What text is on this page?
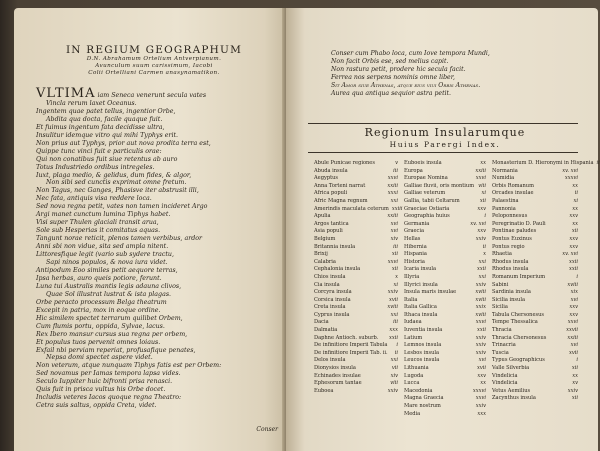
IN REGIUM GEOGRAPHUM
D.N. Abrahamum Ortelium Antverpianum.
Avunculum suum carissimum, Iacobi
Colii Ortelliani Carmen anasynamatikon.
VLTIMA iam Seneca venerunt secula vates
Vincla rerum laxet Oceanus.
Ingentem quae patet tellus, ingentior Orbe,
Abdita qua docta, facile quaque fuit.
Et fuimus ingentum fata decidisse ultra,
Insulitur idemque vitro qui mihi Typhys erit.
Non prius aut Typhys, prior aut nova prodita terra est,
Quippe tunc vinci fuit e particulis orae:
Qui non conatibus fuit siue retentus ab auro
Totus Industriedo ordibus intregeles.
Iuxt, plaga medio, & gelidus, dum fides, & algor,
Non sibi sed cunctis exprimat omne fretum.
Non Tagus, nec Ganges, Phasisve iter abstrusit illi,
Nec fata, antiquis visa reddere loca.
Sed nova regna petit, vates non tamen incideret Argo
Argi manet cunctum lumina Tiphys habet.
Visi super Thulen glaciali transit arua,
Sole sub Hesperias it comitatus aquas.
Tangunt norae reticit, plenos tamen verbibus, ardor
Anni sbi non vidue, sita sed ampla nitent.
Littoresfique legit (vario sub sydere tractu,
Sapi ninos populos, & nova iura videt.
Antipodum Eoo similes petit aequore terras,
Ipsa herbas, auro queis potiore, ferunt.
Luna tui Australis mantis legis adauna clivos,
Quae Sol illustrat lustrat & ista plagas.
Orbe peracto processum Belga theatrum
Excepit in patria, mox in eoque ordine.
Hic similem spectet terrarum quilibet Orbem,
Cum flumis portu, oppida, Sylvae, lacus.
Rex Ibero mansur cursus sua regna per orbem,
Et populus tuos pervenit omnes loiaus.
Exfail nbi perviam reperiat, profusafique penates,
Nepsa domi spectet aspere videt.
Non veterum, atque nunquam Tiphys fatis est per Orbem:
Sed novamus per Iamas tempora lapsa vides.
Seculo Iuppiter huic bifronti prisa renasci.
Quis fuit in prisca vultus his Orbe docet.
Includis veteres Iacos quoque regna Theatro:
Cetra suis saltus, oppida Creta, videt.
Conser
Conser cum Phabo loca, cum Iove tempora Mundi,
Non facit Orbis ese, sed melius capit.
Non rastura petit, prodere hic secula facit.
Ferrea nos serpens nominis omne liber,
Sit Amor siue Athenas, atque eius viui Orbis Athenas.
Aurea qua antiqua sequior astra petit.
Regionum Insularumque
Huius Parergi Index.
Abule Punicae regiones	v
Abuda insula	iii
Aegyptus	xxvi
Anna Torteni narrat	xxiii
Africa populi	xxxi
Afric Magna regnum	xxi
Amerindis maculata ceterum xxiii
Apulia	xxiii
Argos tantica	xvi
Asia populi	xvi
Belgium	xiv
Britannia insula	iii
Brixij	xii
Calabria	xxvi
Cephalonia insula	xii
Chios insula	x
Cia insula	xi
Corcyra insula	xxiv
Corsica insula	xvii
Creta insula	xviii
Cyprus insula	xxi
Dacia	iii
Dalmatia	xxx
Daphne Antioch. suburb. xxii
De infinitiore Imperii Tabula i
De infinitiore Imperii Tab. ii. ii
Delos insula	xxi
Dionysios insula	vii
Echinades insulae	xiv
Ephesorum tantae	viii
Euboea	xxiv
Euboeis insula	xx
Europa	xxiii
Europae Nomina	xxvi
Galliae fluvii, oris montium viii
Galliae veterum	xi
Gallia, tabii Celtarum	xii
Graeciae Ostiaria	xxv
Geographia huius	i
Germania	xv. xvi
Graecia	xxv
Hellas	xxiv
Hibernia	ii
Hispania	x
Historia	xxi
Icaria insula	xxii
Illyria	xxi
Illyrici insula	xxiv
Insula maris insulae	xviii
Italia	xviii
Italia Gallica	xxix
Ithaca insula	xviii
Iudaea	xxvi
Iuventia insula	xxii
Latium	xxiv
Lemnos insula	xxiv
Lesbos insula	xxiv
Leucos insula	xvi
Lithuania	xvii
Lugoda	xxv
Lucca	xx
Macedonia	xxxvi
Magna Graecia	xxvi
Mare nostrum	xxiv
Media	xxx
Monasterium D. Hieronymi in Hispania ii
Normania	xv. xvi
Numidia	xxxvi
Orbis Romanum	xx
Orcades insulae	ii
Palaestina	xi
Pannonia	xx
Peloponnesus	xxv
Peregrinatio D. Pauli	xx
Pontinae paludes	xii
Pontus Euxinus	xxv
Pontus regio	xxv
Rhaetia	xv. xvi
Rhodus insula	xxii
Rhodus insula	xxii
Romanum Imperium	i
Sabini	xviii
Sardinia insula	xix
Sicilia insula	xvi
Sicilia	xxv
Tabula Chersonesus	xxv
Tempe Thessalica	xxvi
Thracia	xxvii
Thracia Chersonesus	xxiii
Trinacria	xvi
Tuscia	xvii
Typus Geographicus	i
Valle Silverbia	xii
Vindelicia	xx
Vindelicia	xv
Vetus Aemilius	xxiv
Zacynthus insula	xii
